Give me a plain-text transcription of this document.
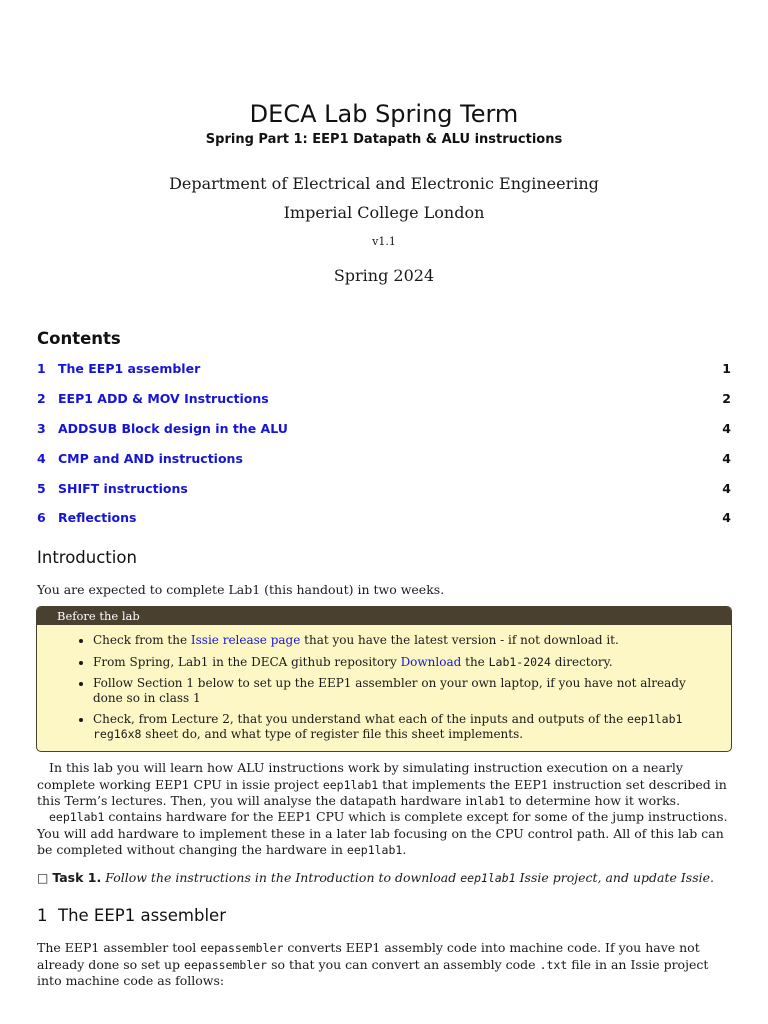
DECA Lab Spring Term
Spring Part 1: EEP1 Datapath & ALU instructions
Department of Electrical and Electronic Engineering
Imperial College London
v1.1
Spring 2024
Contents
1 The EEP1 assembler	1
2 EEP1 ADD & MOV Instructions	2
3 ADDSUB Block design in the ALU	4
4 CMP and AND instructions	4
5 SHIFT instructions	4
6 Reflections	4
Introduction

You are expected to complete Lab1 (this handout) in two weeks.

Before the lab
• Check from the Issie release page that you have the latest version - if not download it.
• From Spring, Lab1 in the DECA github repository Download the Lab1-2024 directory.
• Follow Section 1 below to set up the EEP1 assembler on your own laptop, if you have not already done so in class 1
• Check, from Lecture 2, that you understand what each of the inputs and outputs of the eep1lab1 reg16x8 sheet do, and what type of register file this sheet implements.

In this lab you will learn how ALU instructions work by simulating instruction execution on a nearly complete working EEP1 CPU in issie project eep1lab1 that implements the EEP1 instruction set described in this Term’s lectures. Then, you will analyse the datapath hardware inlab1 to determine how it works.

eep1lab1 contains hardware for the EEP1 CPU which is complete except for some of the jump instructions. You will add hardware to implement these in a later lab focusing on the CPU control path. All of this lab can be completed without changing the hardware in eep1lab1.

□ Task 1. Follow the instructions in the Introduction to download eep1lab1 Issie project, and update Issie.
1 The EEP1 assembler

The EEP1 assembler tool eepassembler converts EEP1 assembly code into machine code. If you have not already done so set up eepassembler so that you can convert an assembly code .txt file in an Issie project into machine code as follows:
